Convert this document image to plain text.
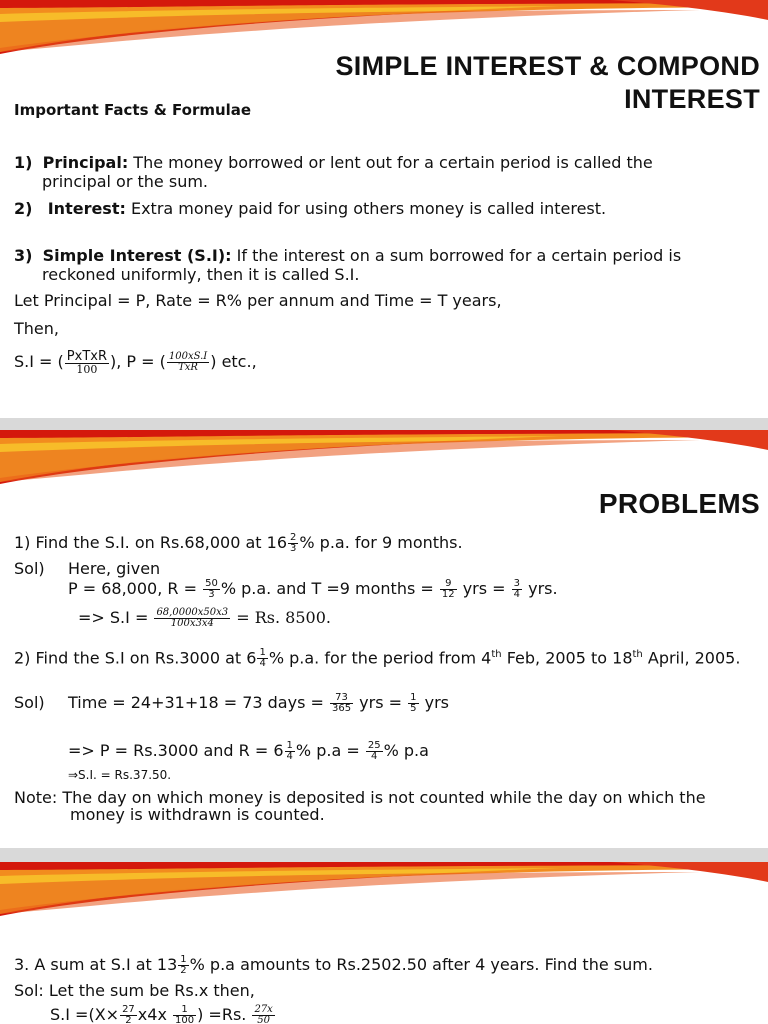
SIMPLE INTEREST & COMPOND
INTEREST
Important Facts & Formulae
1) Principal: The money borrowed or lent out for a certain period is called the
principal or the sum.
2) Interest: Extra money paid for using others money is called interest.
3) Simple Interest (S.I): If the interest on a sum borrowed for a certain period is
reckoned uniformly, then it is called S.I.
Let Principal = P, Rate = R% per annum and Time = T years,
Then,
S.I = ( $\frac{\text{PxTxR}}{100}$ ), P = ( $\frac{100xS.I}{\text{TxR}}$ ) etc.,
PROBLEMS
1) Find the S.I. on Rs.68,000 at $16 \frac{2}{3}$ % p.a. for 9 months.
Sol) Here, given
P = 68,000, $R = \frac{50}{3}$ % p.a. and T =9 months = $\frac{9}{12}$ yrs = $\frac{3}{4}$ yrs.
=> $S.I = \frac{68,0000x50x3}{100x3x4} = Rs$. 8500.
2) Find the S.I on Rs.3000 at $6 \frac{1}{4}$ % p.a. for the period from 4th Feb, 2005 to 18th April, 2005.
Sol) Time = 24+31+18 = 73 days = $\frac{73}{365}$ yrs = $\frac{1}{5}$ yrs
=> P = Rs.3000 and $R = 6 \frac{1}{4}$ % $p.a = \frac{25}{4}$ % p.a
⇒S.I. = Rs.37.50.
Note: The day on which money is deposited is not counted while the day on which the
money is withdrawn is counted.
3. A sum at S.I at $13 \frac{1}{2}$ % p.a amounts to Rs.2502.50 after 4 years. Find the sum.
Sol: Let the sum be Rs.x then,
$S.I =(X\times \frac{27}{2} x4x \frac{1}{100}$ ) =Rs. $\frac{27x}{50}$
